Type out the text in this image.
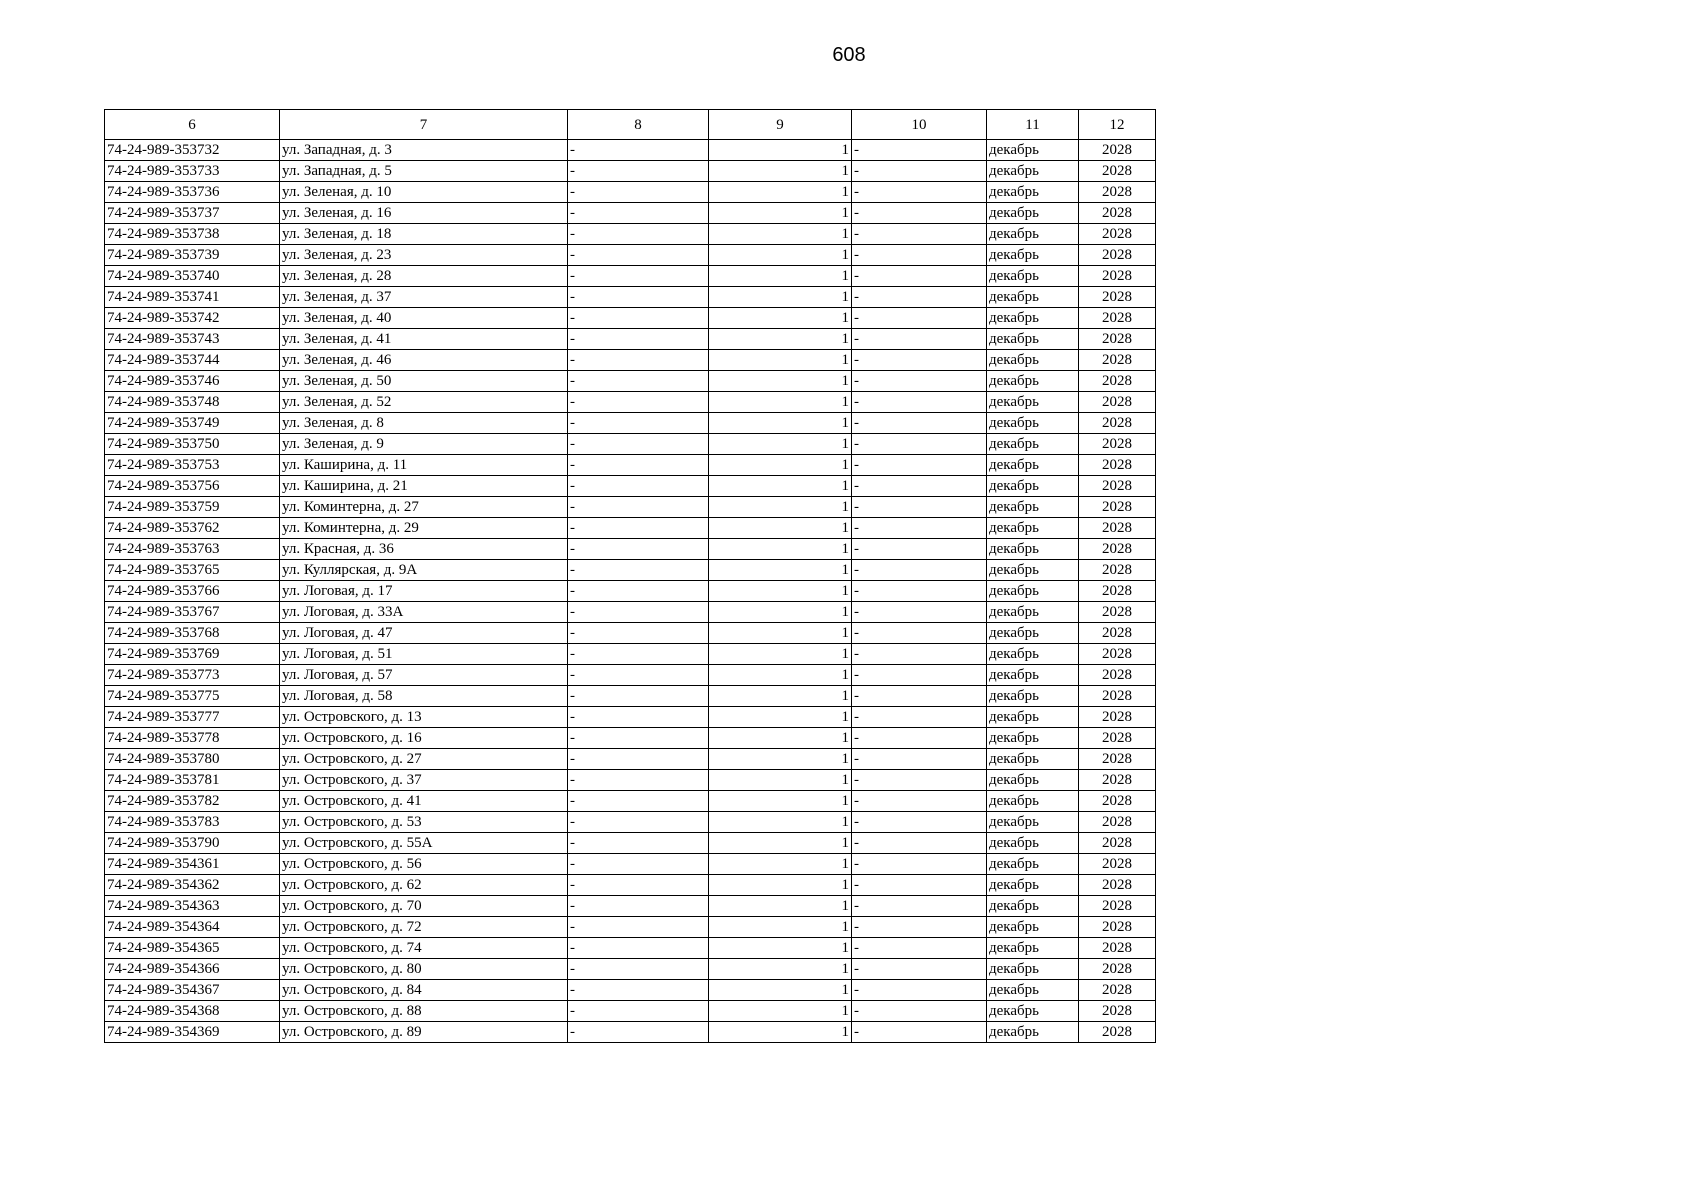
608
6	7	8	9	10	11	12
74-24-989-353732	ул. Западная, д. 3	-	1	-	декабрь	2028
74-24-989-353733	ул. Западная, д. 5	-	1	-	декабрь	2028
74-24-989-353736	ул. Зеленая, д. 10	-	1	-	декабрь	2028
74-24-989-353737	ул. Зеленая, д. 16	-	1	-	декабрь	2028
74-24-989-353738	ул. Зеленая, д. 18	-	1	-	декабрь	2028
74-24-989-353739	ул. Зеленая, д. 23	-	1	-	декабрь	2028
74-24-989-353740	ул. Зеленая, д. 28	-	1	-	декабрь	2028
74-24-989-353741	ул. Зеленая, д. 37	-	1	-	декабрь	2028
74-24-989-353742	ул. Зеленая, д. 40	-	1	-	декабрь	2028
74-24-989-353743	ул. Зеленая, д. 41	-	1	-	декабрь	2028
74-24-989-353744	ул. Зеленая, д. 46	-	1	-	декабрь	2028
74-24-989-353746	ул. Зеленая, д. 50	-	1	-	декабрь	2028
74-24-989-353748	ул. Зеленая, д. 52	-	1	-	декабрь	2028
74-24-989-353749	ул. Зеленая, д. 8	-	1	-	декабрь	2028
74-24-989-353750	ул. Зеленая, д. 9	-	1	-	декабрь	2028
74-24-989-353753	ул. Каширина, д. 11	-	1	-	декабрь	2028
74-24-989-353756	ул. Каширина, д. 21	-	1	-	декабрь	2028
74-24-989-353759	ул. Коминтерна, д. 27	-	1	-	декабрь	2028
74-24-989-353762	ул. Коминтерна, д. 29	-	1	-	декабрь	2028
74-24-989-353763	ул. Красная, д. 36	-	1	-	декабрь	2028
74-24-989-353765	ул. Куллярская, д. 9А	-	1	-	декабрь	2028
74-24-989-353766	ул. Логовая, д. 17	-	1	-	декабрь	2028
74-24-989-353767	ул. Логовая, д. 33А	-	1	-	декабрь	2028
74-24-989-353768	ул. Логовая, д. 47	-	1	-	декабрь	2028
74-24-989-353769	ул. Логовая, д. 51	-	1	-	декабрь	2028
74-24-989-353773	ул. Логовая, д. 57	-	1	-	декабрь	2028
74-24-989-353775	ул. Логовая, д. 58	-	1	-	декабрь	2028
74-24-989-353777	ул. Островского, д. 13	-	1	-	декабрь	2028
74-24-989-353778	ул. Островского, д. 16	-	1	-	декабрь	2028
74-24-989-353780	ул. Островского, д. 27	-	1	-	декабрь	2028
74-24-989-353781	ул. Островского, д. 37	-	1	-	декабрь	2028
74-24-989-353782	ул. Островского, д. 41	-	1	-	декабрь	2028
74-24-989-353783	ул. Островского, д. 53	-	1	-	декабрь	2028
74-24-989-353790	ул. Островского, д. 55А	-	1	-	декабрь	2028
74-24-989-354361	ул. Островского, д. 56	-	1	-	декабрь	2028
74-24-989-354362	ул. Островского, д. 62	-	1	-	декабрь	2028
74-24-989-354363	ул. Островского, д. 70	-	1	-	декабрь	2028
74-24-989-354364	ул. Островского, д. 72	-	1	-	декабрь	2028
74-24-989-354365	ул. Островского, д. 74	-	1	-	декабрь	2028
74-24-989-354366	ул. Островского, д. 80	-	1	-	декабрь	2028
74-24-989-354367	ул. Островского, д. 84	-	1	-	декабрь	2028
74-24-989-354368	ул. Островского, д. 88	-	1	-	декабрь	2028
74-24-989-354369	ул. Островского, д. 89	-	1	-	декабрь	2028
